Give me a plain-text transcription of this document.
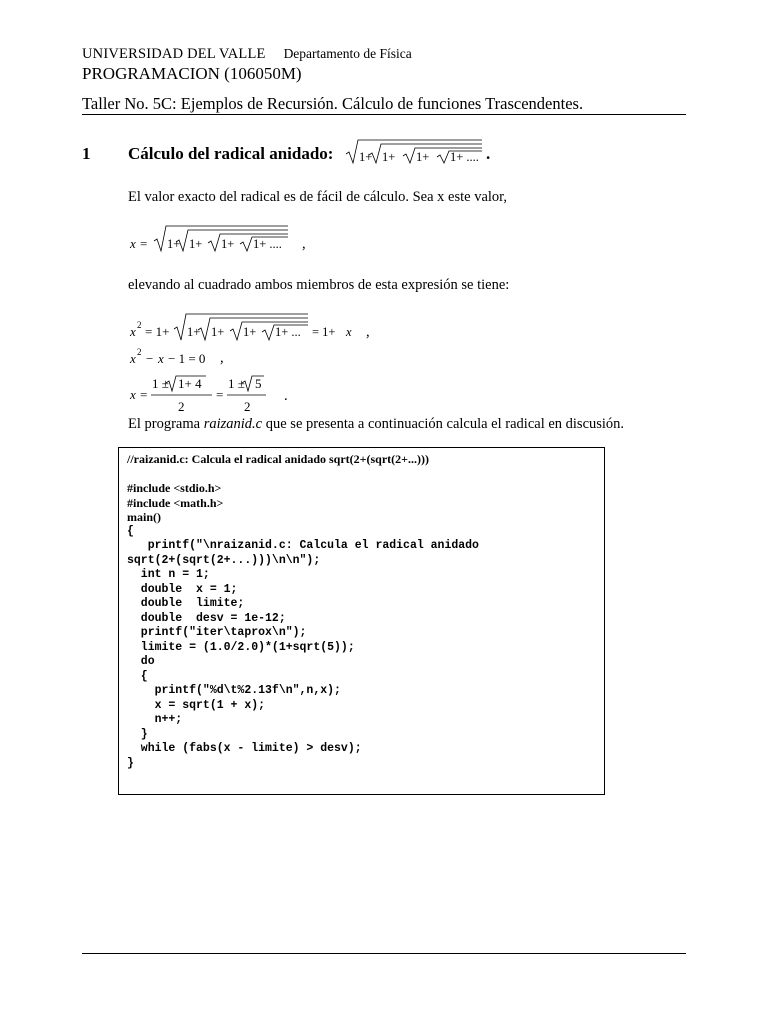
UNIVERSIDAD DEL VALLE Departamento de Física
PROGRAMACION (106050M)
Taller No. 5C: Ejemplos de Recursión. Cálculo de funciones Trascendentes.
1 Cálculo del radical anidado: 1+ 1+ 1+ 1+ .... .
El valor exacto del radical es de fácil de cálculo. Sea x este valor,
x = 1+ 1+ 1+ 1+ .... ,
elevando al cuadrado ambos miembros de esta expresión se tiene:
x 2 = 1+ 1+ 1+ 1+ 1+ ... = 1+ x ,
x 2 − x − 1 = 0 ,
x =
1 ± 1+ 4
2
=
1 ± 5
2
.
El programa raizanid.c que se presenta a continuación calcula el radical en discusión.
//raizanid.c: Calcula el radical anidado sqrt(2+(sqrt(2+...)))
#include <stdio.h>
#include <math.h>
main()
{
printf("\nraizanid.c: Calcula el radical anidado
sqrt(2+(sqrt(2+...)))\n\n");
int n = 1;
double  x = 1;
double  limite;
double  desv = 1e-12;
printf("iter\taprox\n");
limite = (1.0/2.0)*(1+sqrt(5));
do
{
printf("%d\t%2.13f\n",n,x);
x = sqrt(1 + x);
n++;
}
while (fabs(x - limite) > desv);
}
